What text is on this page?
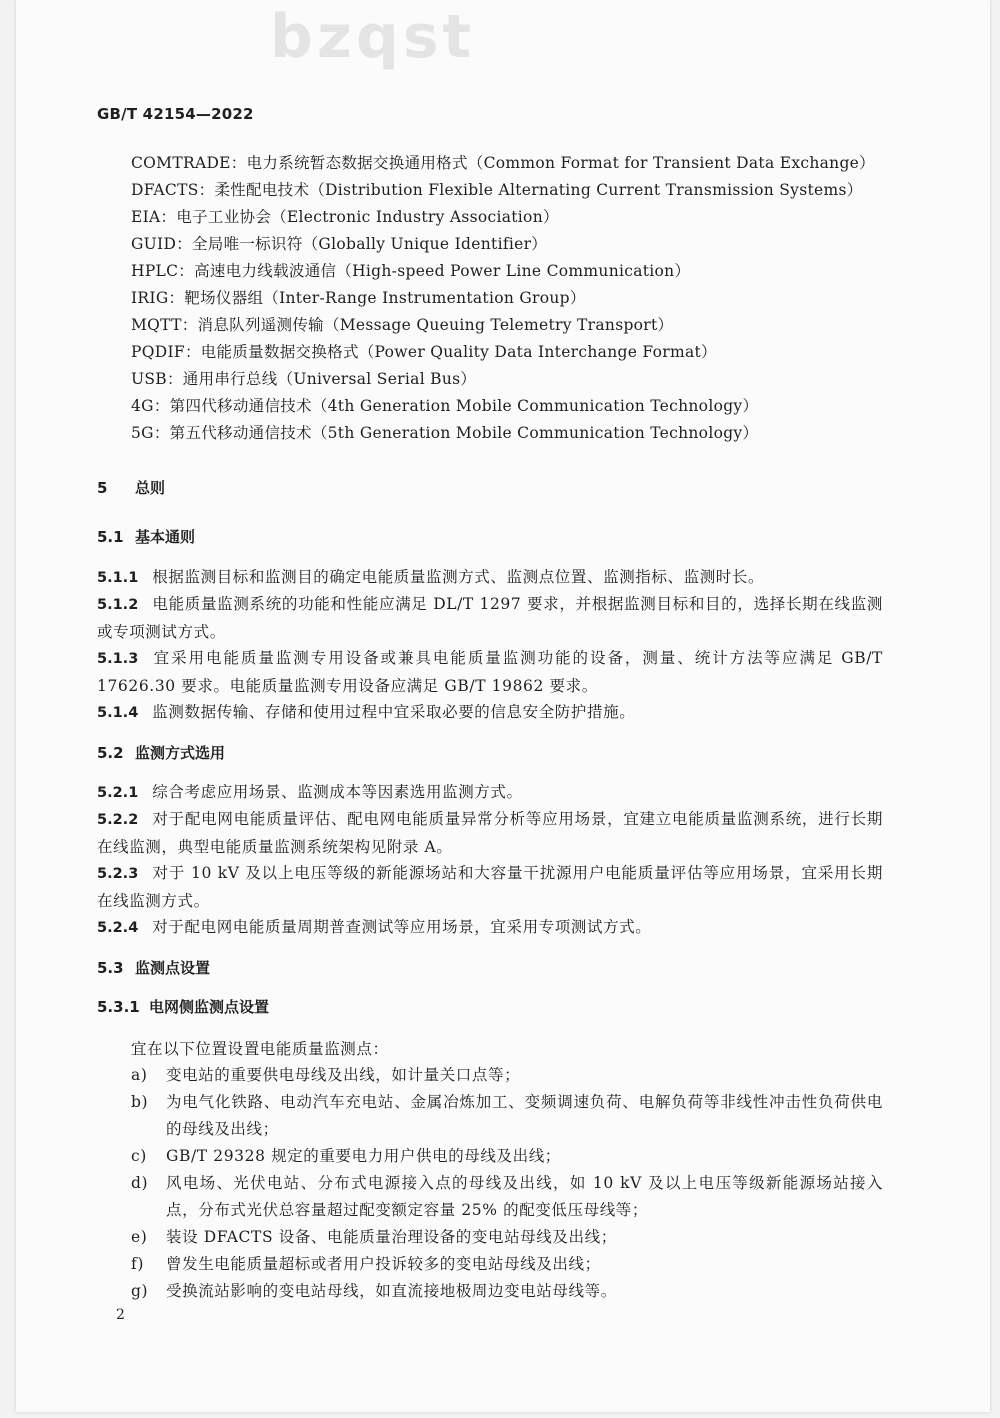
bzqst
GB/T 42154—2022
COMTRADE：电力系统暂态数据交换通用格式（Common Format for Transient Data Exchange）
DFACTS：柔性配电技术（Distribution Flexible Alternating Current Transmission Systems）
EIA：电子工业协会（Electronic Industry Association）
GUID：全局唯一标识符（Globally Unique Identifier）
HPLC：高速电力线载波通信（High-speed Power Line Communication）
IRIG：靶场仪器组（Inter-Range Instrumentation Group）
MQTT：消息队列遥测传输（Message Queuing Telemetry Transport）
PQDIF：电能质量数据交换格式（Power Quality Data Interchange Format）
USB：通用串行总线（Universal Serial Bus）
4G：第四代移动通信技术（4th Generation Mobile Communication Technology）
5G：第五代移动通信技术（5th Generation Mobile Communication Technology）
5 总则
5.1 基本通则
5.1.1 根据监测目标和监测目的确定电能质量监测方式、监测点位置、监测指标、监测时长。
5.1.2 电能质量监测系统的功能和性能应满足 DL/T 1297 要求，并根据监测目标和目的，选择长期在线监测或专项测试方式。
5.1.3 宜采用电能质量监测专用设备或兼具电能质量监测功能的设备，测量、统计方法等应满足 GB/T 17626.30 要求。电能质量监测专用设备应满足 GB/T 19862 要求。
5.1.4 监测数据传输、存储和使用过程中宜采取必要的信息安全防护措施。
5.2 监测方式选用
5.2.1 综合考虑应用场景、监测成本等因素选用监测方式。
5.2.2 对于配电网电能质量评估、配电网电能质量异常分析等应用场景，宜建立电能质量监测系统，进行长期在线监测，典型电能质量监测系统架构见附录 A。
5.2.3 对于 10 kV 及以上电压等级的新能源场站和大容量干扰源用户电能质量评估等应用场景，宜采用长期在线监测方式。
5.2.4 对于配电网电能质量周期普查测试等应用场景，宜采用专项测试方式。
5.3 监测点设置
5.3.1 电网侧监测点设置
宜在以下位置设置电能质量监测点：
a) 变电站的重要供电母线及出线，如计量关口点等；
b) 为电气化铁路、电动汽车充电站、金属冶炼加工、变频调速负荷、电解负荷等非线性冲击性负荷供电的母线及出线；
c) GB/T 29328 规定的重要电力用户供电的母线及出线；
d) 风电场、光伏电站、分布式电源接入点的母线及出线，如 10 kV 及以上电压等级新能源场站接入点，分布式光伏总容量超过配变额定容量 25% 的配变低压母线等；
e) 装设 DFACTS 设备、电能质量治理设备的变电站母线及出线；
f) 曾发生电能质量超标或者用户投诉较多的变电站母线及出线；
g) 受换流站影响的变电站母线，如直流接地极周边变电站母线等。
2
